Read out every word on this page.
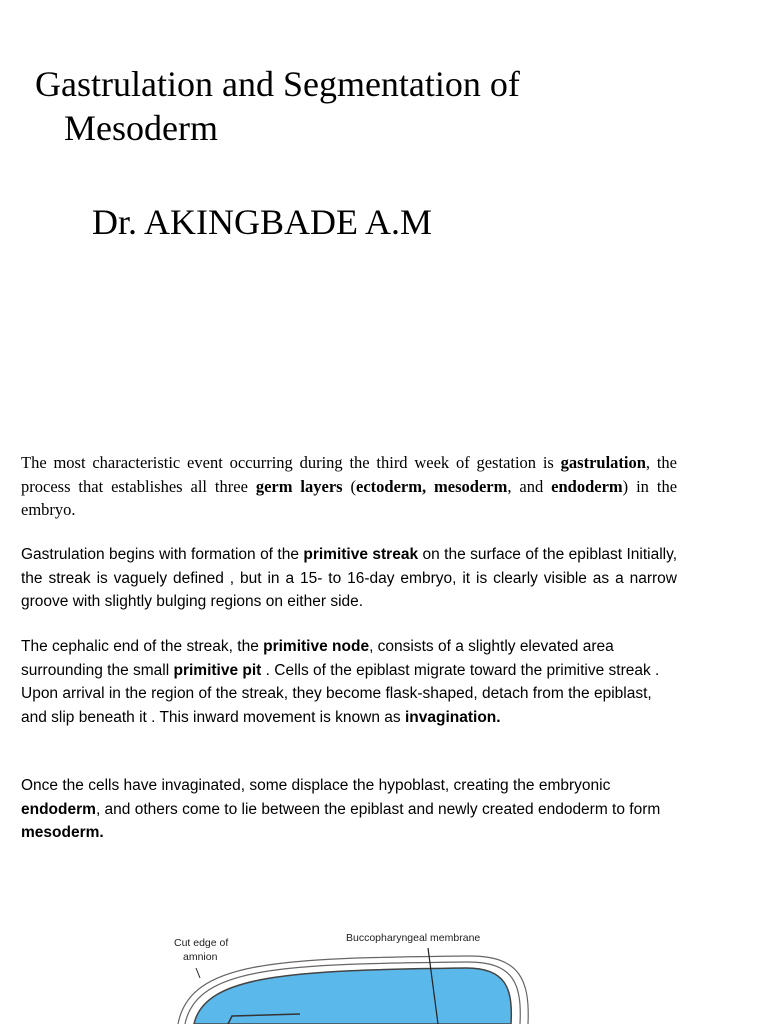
Gastrulation and Segmentation of
Mesoderm
Dr. AKINGBADE A.M

The most characteristic event occurring during the third week of gestation is gastrulation, the process that establishes all three germ layers (ectoderm, mesoderm, and endoderm) in the embryo.

Gastrulation begins with formation of the primitive streak on the surface of the epiblast Initially, the streak is vaguely defined , but in a 15- to 16-day embryo, it is clearly visible as a narrow groove with slightly bulging regions on either side.

The cephalic end of the streak, the primitive node, consists of a slightly elevated area surrounding the small primitive pit . Cells of the epiblast migrate toward the primitive streak . Upon arrival in the region of the streak, they become flask-shaped, detach from the epiblast, and slip beneath it . This inward movement is known as invagination.

Once the cells have invaginated, some displace the hypoblast, creating the embryonic endoderm, and others come to lie between the epiblast and newly created endoderm to form mesoderm.

Cut edge of
amnion
Buccopharyngeal membrane
